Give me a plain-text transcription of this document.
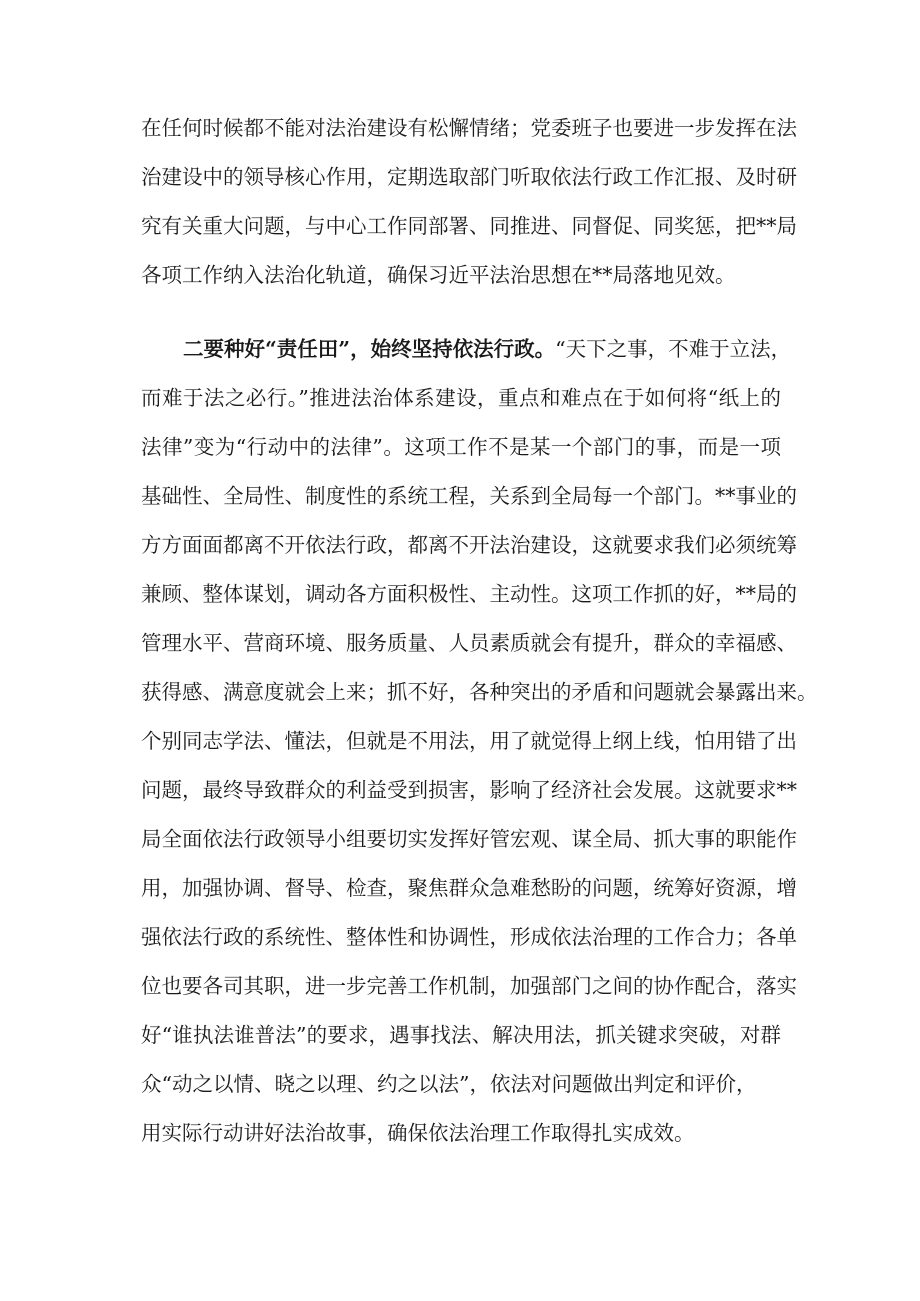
在任何时候都不能对法治建设有松懈情绪；党委班子也要进一步发挥在法
治建设中的领导核心作用，定期选取部门听取依法行政工作汇报、及时研
究有关重大问题，与中心工作同部署、同推进、同督促、同奖惩，把**局
各项工作纳入法治化轨道，确保习近平法治思想在**局落地见效。
二要种好“责任田”，始终坚持依法行政。“天下之事，不难于立法，
而难于法之必行。”推进法治体系建设，重点和难点在于如何将“纸上的
法律”变为“行动中的法律”。这项工作不是某一个部门的事，而是一项
基础性、全局性、制度性的系统工程，关系到全局每一个部门。**事业的
方方面面都离不开依法行政，都离不开法治建设，这就要求我们必须统筹
兼顾、整体谋划，调动各方面积极性、主动性。这项工作抓的好，**局的
管理水平、营商环境、服务质量、人员素质就会有提升，群众的幸福感、
获得感、满意度就会上来；抓不好，各种突出的矛盾和问题就会暴露出来。
个别同志学法、懂法，但就是不用法，用了就觉得上纲上线，怕用错了出
问题，最终导致群众的利益受到损害，影响了经济社会发展。这就要求**
局全面依法行政领导小组要切实发挥好管宏观、谋全局、抓大事的职能作
用，加强协调、督导、检查，聚焦群众急难愁盼的问题，统筹好资源，增
强依法行政的系统性、整体性和协调性，形成依法治理的工作合力；各单
位也要各司其职，进一步完善工作机制，加强部门之间的协作配合，落实
好“谁执法谁普法”的要求，遇事找法、解决用法，抓关键求突破，对群
众“动之以情、晓之以理、约之以法”，依法对问题做出判定和评价，
用实际行动讲好法治故事，确保依法治理工作取得扎实成效。
